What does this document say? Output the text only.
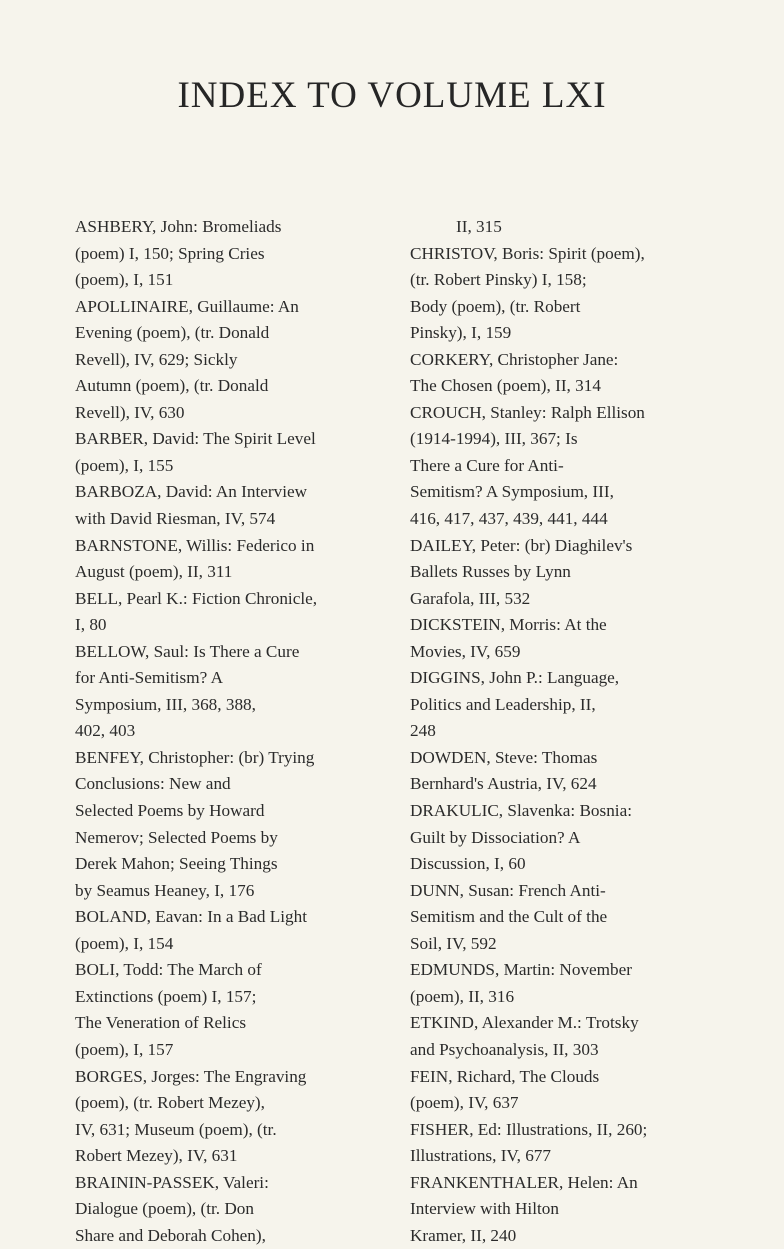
INDEX TO VOLUME LXI

ASHBERY, John: Bromeliads
(poem) I, 150; Spring Cries
(poem), I, 151

APOLLINAIRE, Guillaume: An
Evening (poem), (tr. Donald
Revell), IV, 629; Sickly
Autumn (poem), (tr. Donald
Revell), IV, 630

BARBER, David: The Spirit Level
(poem), I, 155

BARBOZA, David: An Interview
with David Riesman, IV, 574

BARNSTONE, Willis: Federico in
August (poem), II, 311

BELL, Pearl K.: Fiction Chronicle,
I, 80

BELLOW, Saul: Is There a Cure
for Anti-Semitism? A
Symposium, III, 368, 388,
402, 403

BENFEY, Christopher: (br) Trying
Conclusions: New and
Selected Poems by Howard
Nemerov; Selected Poems by
Derek Mahon; Seeing Things
by Seamus Heaney, I, 176

BOLAND, Eavan: In a Bad Light
(poem), I, 154

BOLI, Todd: The March of
Extinctions (poem) I, 157;
The Veneration of Relics
(poem), I, 157

BORGES, Jorges: The Engraving
(poem), (tr. Robert Mezey),
IV, 631; Museum (poem), (tr.
Robert Mezey), IV, 631

BRAININ-PASSEK, Valeri:
Dialogue (poem), (tr. Don
Share and Deborah Cohen),

II, 315

CHRISTOV, Boris: Spirit (poem),
(tr. Robert Pinsky) I, 158;
Body (poem), (tr. Robert
Pinsky), I, 159

CORKERY, Christopher Jane:
The Chosen (poem), II, 314

CROUCH, Stanley: Ralph Ellison
(1914-1994), III, 367; Is
There a Cure for Anti-
Semitism? A Symposium, III,
416, 417, 437, 439, 441, 444

DAILEY, Peter: (br) Diaghilev's
Ballets Russes by Lynn
Garafola, III, 532

DICKSTEIN, Morris: At the
Movies, IV, 659

DIGGINS, John P.: Language,
Politics and Leadership, II,
248

DOWDEN, Steve: Thomas
Bernhard's Austria, IV, 624

DRAKULIC, Slavenka: Bosnia:
Guilt by Dissociation? A
Discussion, I, 60

DUNN, Susan: French Anti-
Semitism and the Cult of the
Soil, IV, 592

EDMUNDS, Martin: November
(poem), II, 316

ETKIND, Alexander M.: Trotsky
and Psychoanalysis, II, 303

FEIN, Richard, The Clouds
(poem), IV, 637

FISHER, Ed: Illustrations, II, 260;
Illustrations, IV, 677

FRANKENTHALER, Helen: An
Interview with Hilton
Kramer, II, 240
